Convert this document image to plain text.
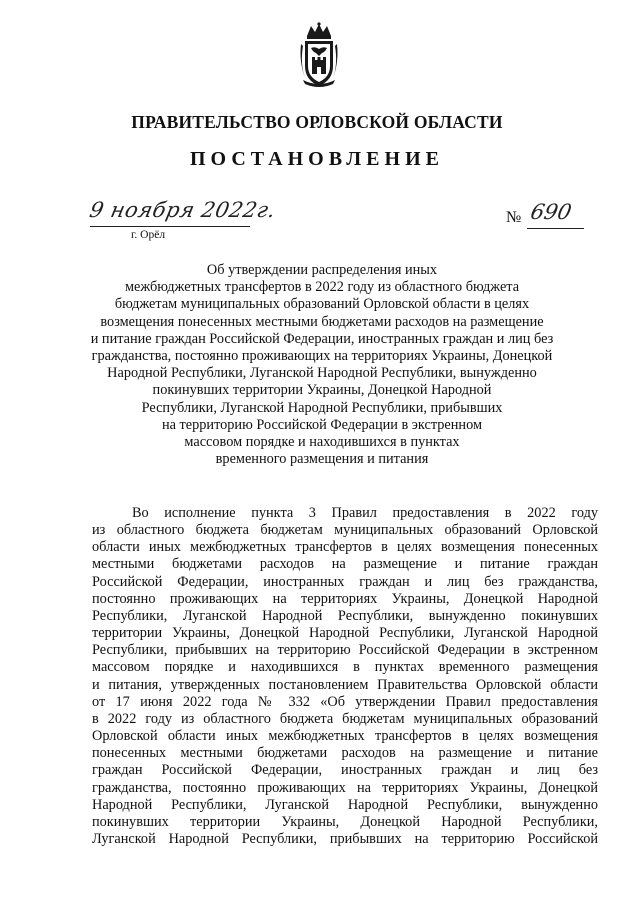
ПРАВИТЕЛЬСТВО ОРЛОВСКОЙ ОБЛАСТИ
ПОСТАНОВЛЕНИЕ
9 ноября 2022г.
г. Орёл
№ 690
Об утверждении распределения иных
межбюджетных трансфертов в 2022 году из областного бюджета
бюджетам муниципальных образований Орловской области в целях
возмещения понесенных местными бюджетами расходов на размещение
и питание граждан Российской Федерации, иностранных граждан и лиц без
гражданства, постоянно проживающих на территориях Украины, Донецкой
Народной Республики, Луганской Народной Республики, вынужденно
покинувших территории Украины, Донецкой Народной
Республики, Луганской Народной Республики, прибывших
на территорию Российской Федерации в экстренном
массовом порядке и находившихся в пунктах
временного размещения и питания
Во исполнение пункта 3 Правил предоставления в 2022 году
из областного бюджета бюджетам муниципальных образований Орловской
области иных межбюджетных трансфертов в целях возмещения понесенных
местными бюджетами расходов на размещение и питание граждан
Российской Федерации, иностранных граждан и лиц без гражданства,
постоянно проживающих на территориях Украины, Донецкой Народной
Республики, Луганской Народной Республики, вынужденно покинувших
территории Украины, Донецкой Народной Республики, Луганской Народной
Республики, прибывших на территорию Российской Федерации в экстренном
массовом порядке и находившихся в пунктах временного размещения
и питания, утвержденных постановлением Правительства Орловской области
от 17 июня 2022 года № 332 «Об утверждении Правил предоставления
в 2022 году из областного бюджета бюджетам муниципальных образований
Орловской области иных межбюджетных трансфертов в целях возмещения
понесенных местными бюджетами расходов на размещение и питание
граждан Российской Федерации, иностранных граждан и лиц без
гражданства, постоянно проживающих на территориях Украины, Донецкой
Народной Республики, Луганской Народной Республики, вынужденно
покинувших территории Украины, Донецкой Народной Республики,
Луганской Народной Республики, прибывших на территорию Российской
